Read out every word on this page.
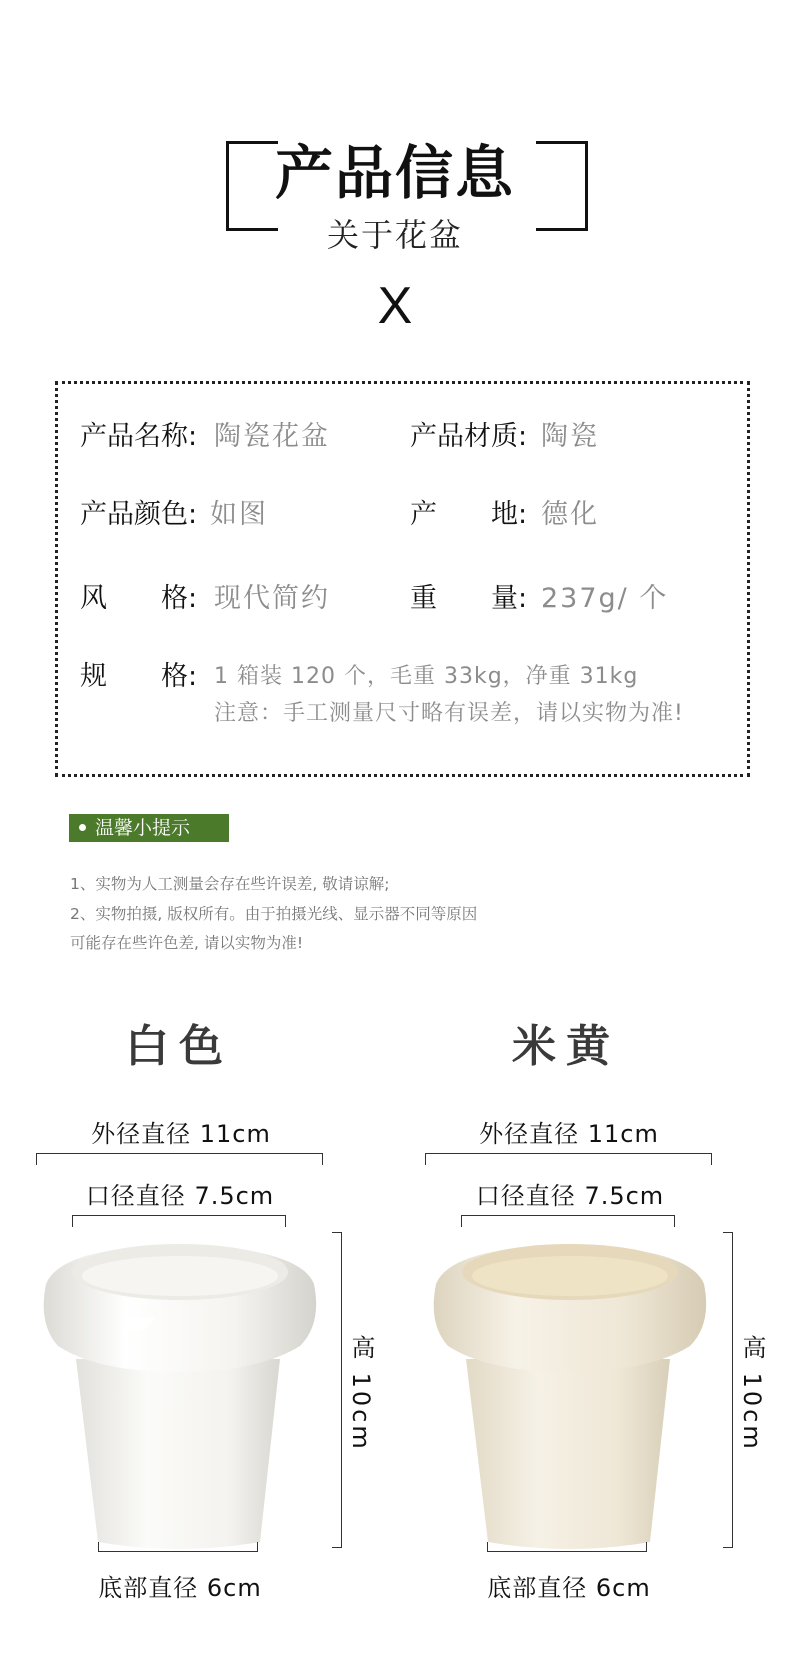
产品信息
关于花盆
X
产品名称: 陶瓷花盆	产品材质: 陶瓷
产品颜色: 如图	产　　地: 德化
风　　格: 现代简约	重　　量: 237g/ 个
规　　格: 1 箱装 120 个，毛重 33kg，净重 31kg
注意：手工测量尺寸略有误差，请以实物为准!
温馨小提示
1、实物为人工测量会存在些许误差, 敬请谅解;
2、实物拍摄, 版权所有。由于拍摄光线、显示器不同等原因
可能存在些许色差, 请以实物为准!
白色	米黄
外径直径 11cm
口径直径 7.5cm
高 10cm
底部直径 6cm
外径直径 11cm
口径直径 7.5cm
高 10cm
底部直径 6cm
